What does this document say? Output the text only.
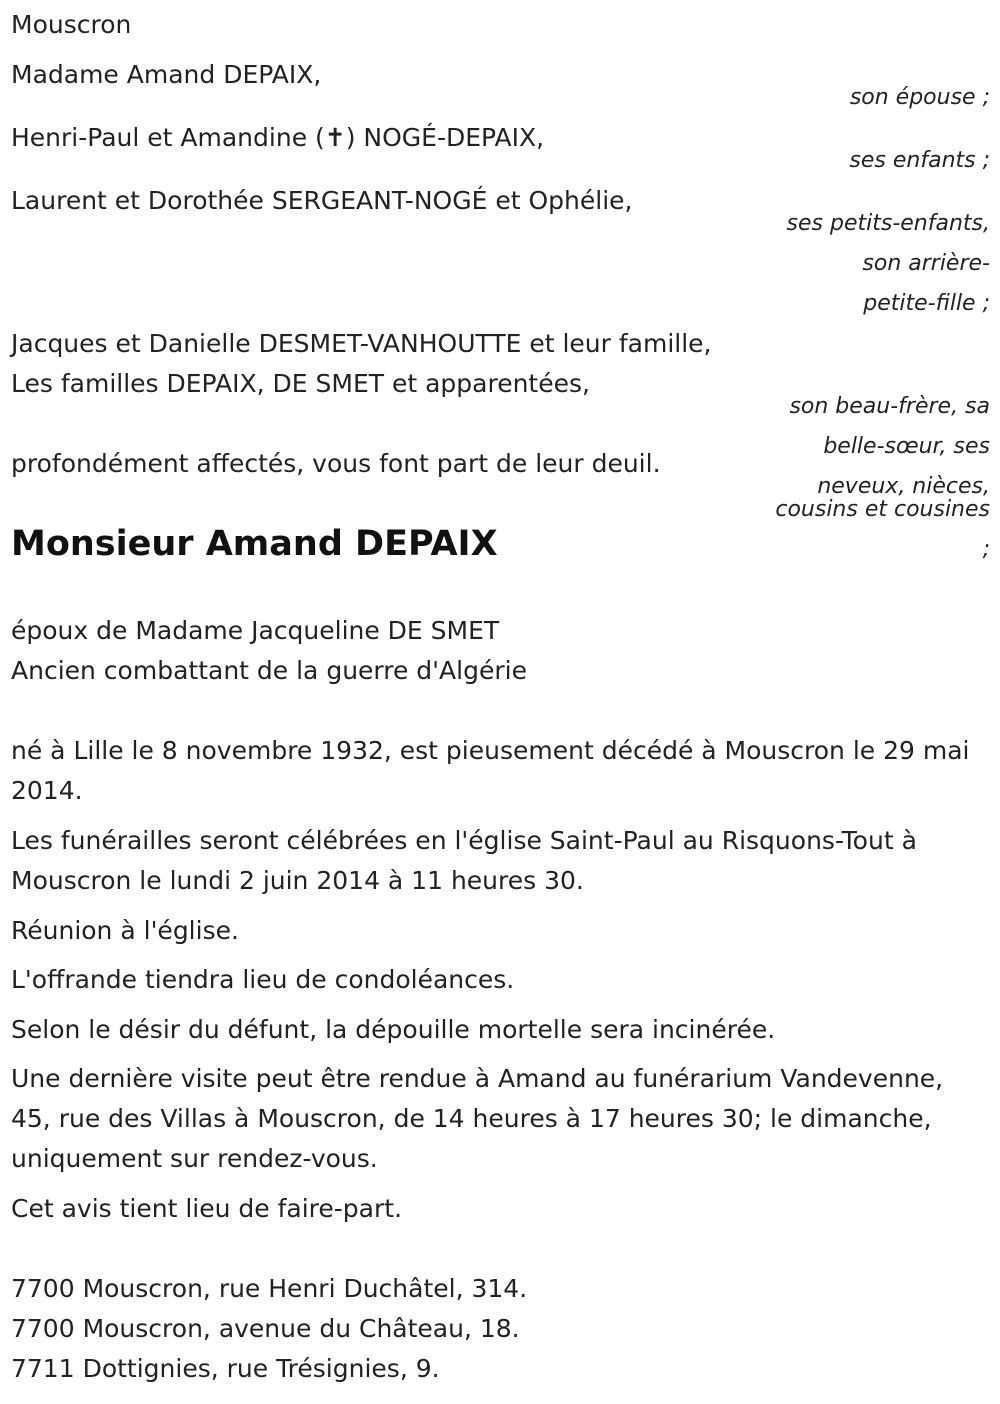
Mouscron

Madame Amand DEPAIX,

son épouse ;

Henri-Paul et Amandine (✝) NOGÉ-DEPAIX,

ses enfants ;

Laurent et Dorothée SERGEANT-NOGÉ et Ophélie,

ses petits-enfants,

son arrière-

petite-fille ;

Jacques et Danielle DESMET-VANHOUTTE et leur famille,

Les familles DEPAIX, DE SMET et apparentées,

son beau-frère, sa

belle-sœur, ses

neveux, nièces,

cousins et cousines

;

profondément affectés, vous font part de leur deuil.

Monsieur Amand DEPAIX

époux de Madame Jacqueline DE SMET

Ancien combattant de la guerre d'Algérie

né à Lille le 8 novembre 1932, est pieusement décédé à Mouscron le 29 mai 2014.

Les funérailles seront célébrées en l'église Saint-Paul au Risquons-Tout à Mouscron le lundi 2 juin 2014 à 11 heures 30.

Réunion à l'église.

L'offrande tiendra lieu de condoléances.

Selon le désir du défunt, la dépouille mortelle sera incinérée.

Une dernière visite peut être rendue à Amand au funérarium Vandevenne, 45, rue des Villas à Mouscron, de 14 heures à 17 heures 30; le dimanche, uniquement sur rendez-vous.

Cet avis tient lieu de faire-part.

7700 Mouscron, rue Henri Duchâtel, 314.

7700 Mouscron, avenue du Château, 18.

7711 Dottignies, rue Trésignies, 9.
